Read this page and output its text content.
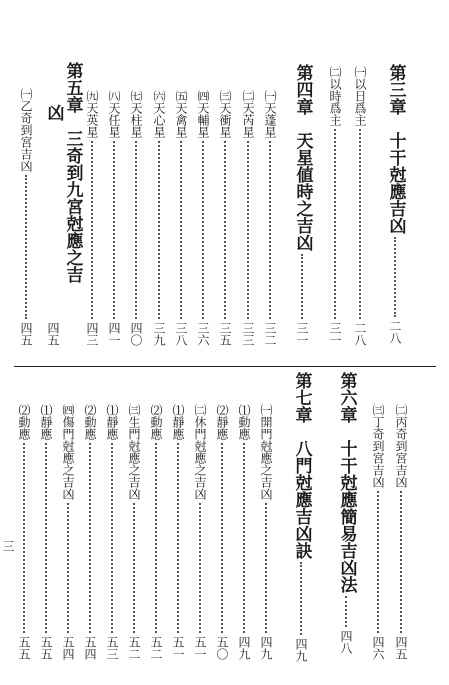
第三章　十干尅應吉凶
二八
㈠以日爲主
二八
㈡以時爲主
三一
第四章　天星値時之吉凶
三一
㈠天蓬星
三二
㈡天芮星
三三
㈢天衝星
三五
㈣天輔星
三六
㈤天禽星
三八
㈥天心星
三九
㈦天柱星
四〇
㈧天任星
四一
㈨天英星
四三
第五章　三奇到九宮尅應之吉
凶
四五
㈠乙奇到宮吉凶
四五
㈡丙奇到宮吉凶
四五
㈢丁奇到宮吉凶
四六
第六章　十干尅應簡易吉凶法
四八
第七章　八門尅應吉凶訣
四九
㈠開門尅應之吉凶
四九
⑴動應
四九
⑵靜應
五〇
㈡休門尅應之吉凶
五一
⑴靜應
五一
⑵動應
五二
㈢生門尅應之吉凶
五二
⑴靜應
五三
⑵動應
五四
㈣傷門尅應之吉凶
五四
⑴靜應
五五
⑵動應
五五
三
